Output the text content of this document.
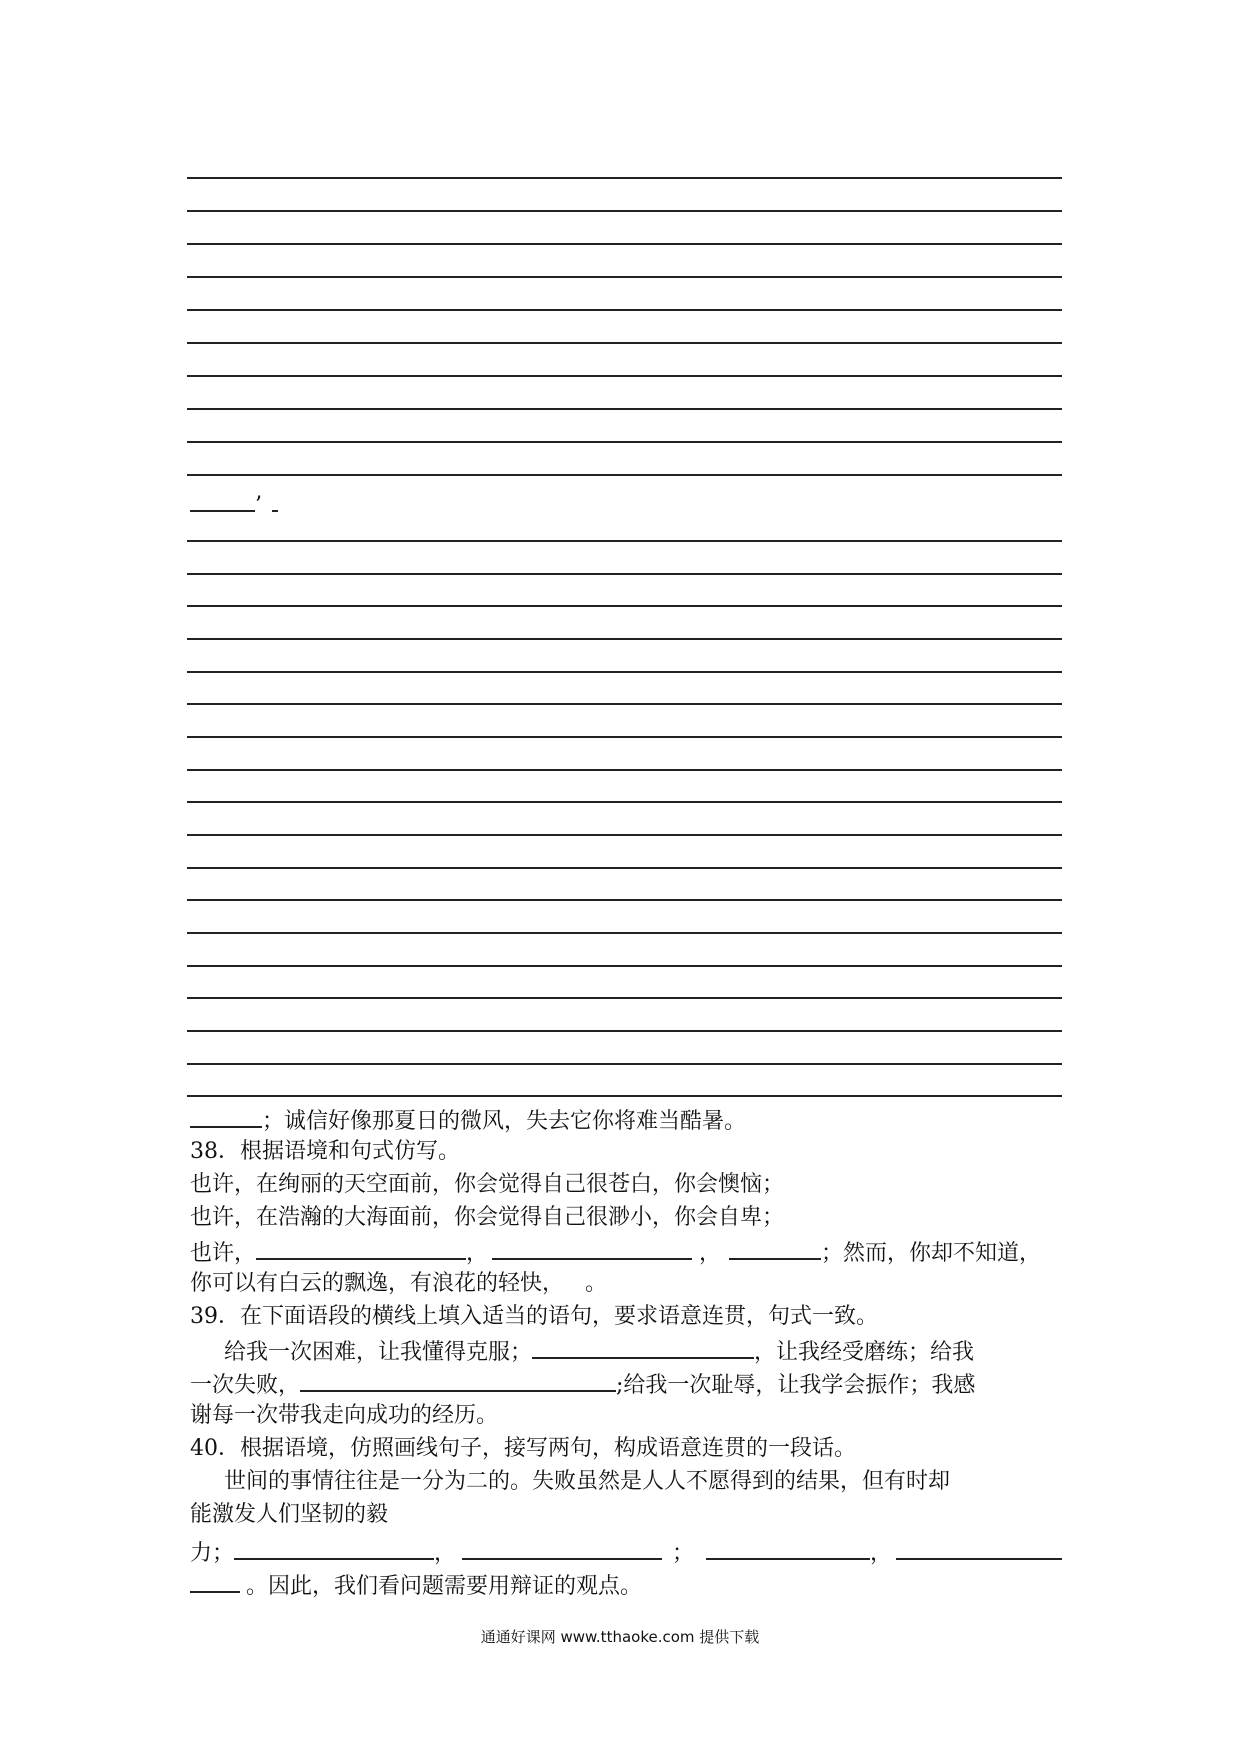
’
；诚信好像那夏日的微风，失去它你将难当酷暑。
38．根据语境和句式仿写。
也许，在绚丽的天空面前，你会觉得自己很苍白，你会懊恼；
也许，在浩瀚的大海面前，你会觉得自己很渺小，你会自卑；
也许，	，	，	；然而，你却不知道，
你可以有白云的飘逸，有浪花的轻快， 。
39．在下面语段的横线上填入适当的语句，要求语意连贯，句式一致。
给我一次困难，让我懂得克服；	，让我经受磨练；给我
一次失败，	;给我一次耻辱，让我学会振作；我感
谢每一次带我走向成功的经历。
40．根据语境，仿照画线句子，接写两句，构成语意连贯的一段话。
世间的事情往往是一分为二的。失败虽然是人人不愿得到的结果，但有时却
能激发人们坚韧的毅
力；	，	；	，
。因此，我们看问题需要用辩证的观点。
通通好课网 www.tthaoke.com 提供下载
